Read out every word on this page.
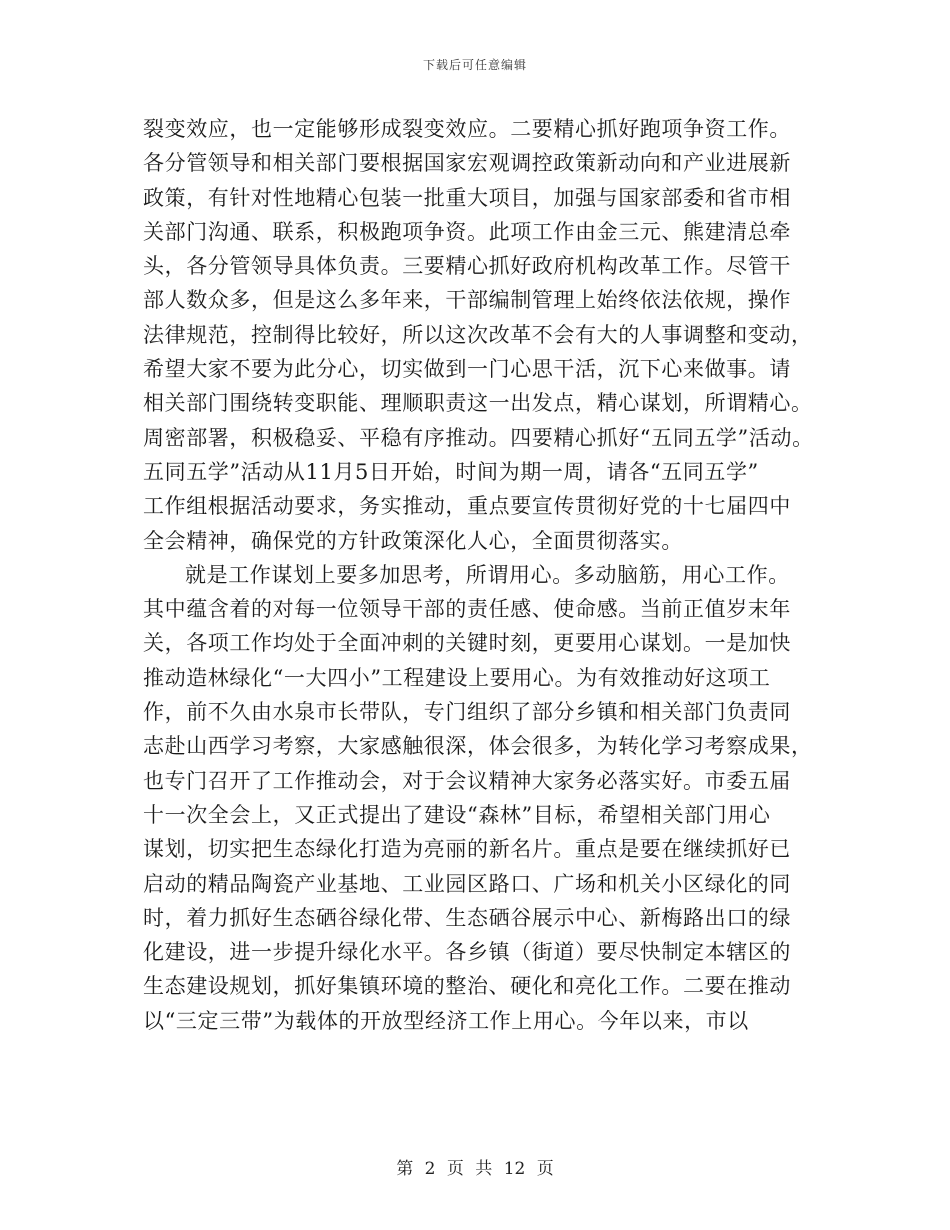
下载后可任意编辑
裂变效应，也一定能够形成裂变效应。二要精心抓好跑项争资工作。
各分管领导和相关部门要根据国家宏观调控政策新动向和产业进展新
政策，有针对性地精心包装一批重大项目，加强与国家部委和省市相
关部门沟通、联系，积极跑项争资。此项工作由金三元、熊建清总牵
头，各分管领导具体负责。三要精心抓好政府机构改革工作。尽管干
部人数众多，但是这么多年来，干部编制管理上始终依法依规，操作
法律规范，控制得比较好，所以这次改革不会有大的人事调整和变动，
希望大家不要为此分心，切实做到一门心思干活，沉下心来做事。请
相关部门围绕转变职能、理顺职责这一出发点，精心谋划，所谓精心。
周密部署，积极稳妥、平稳有序推动。四要精心抓好“五同五学”活动。
五同五学”活动从11月5日开始，时间为期一周，请各“五同五学”
工作组根据活动要求，务实推动，重点要宣传贯彻好党的十七届四中
全会精神，确保党的方针政策深化人心，全面贯彻落实。
就是工作谋划上要多加思考，所谓用心。多动脑筋，用心工作。
其中蕴含着的对每一位领导干部的责任感、使命感。当前正值岁末年
关，各项工作均处于全面冲刺的关键时刻，更要用心谋划。一是加快
推动造林绿化“一大四小”工程建设上要用心。为有效推动好这项工
作，前不久由水泉市长带队，专门组织了部分乡镇和相关部门负责同
志赴山西学习考察，大家感触很深，体会很多，为转化学习考察成果，
也专门召开了工作推动会，对于会议精神大家务必落实好。市委五届
十一次全会上，又正式提出了建设“森林”目标，希望相关部门用心
谋划，切实把生态绿化打造为亮丽的新名片。重点是要在继续抓好已
启动的精品陶瓷产业基地、工业园区路口、广场和机关小区绿化的同
时，着力抓好生态硒谷绿化带、生态硒谷展示中心、新梅路出口的绿
化建设，进一步提升绿化水平。各乡镇（街道）要尽快制定本辖区的
生态建设规划，抓好集镇环境的整治、硬化和亮化工作。二要在推动
以“三定三带”为载体的开放型经济工作上用心。今年以来，市以
第 2 页 共 12 页
